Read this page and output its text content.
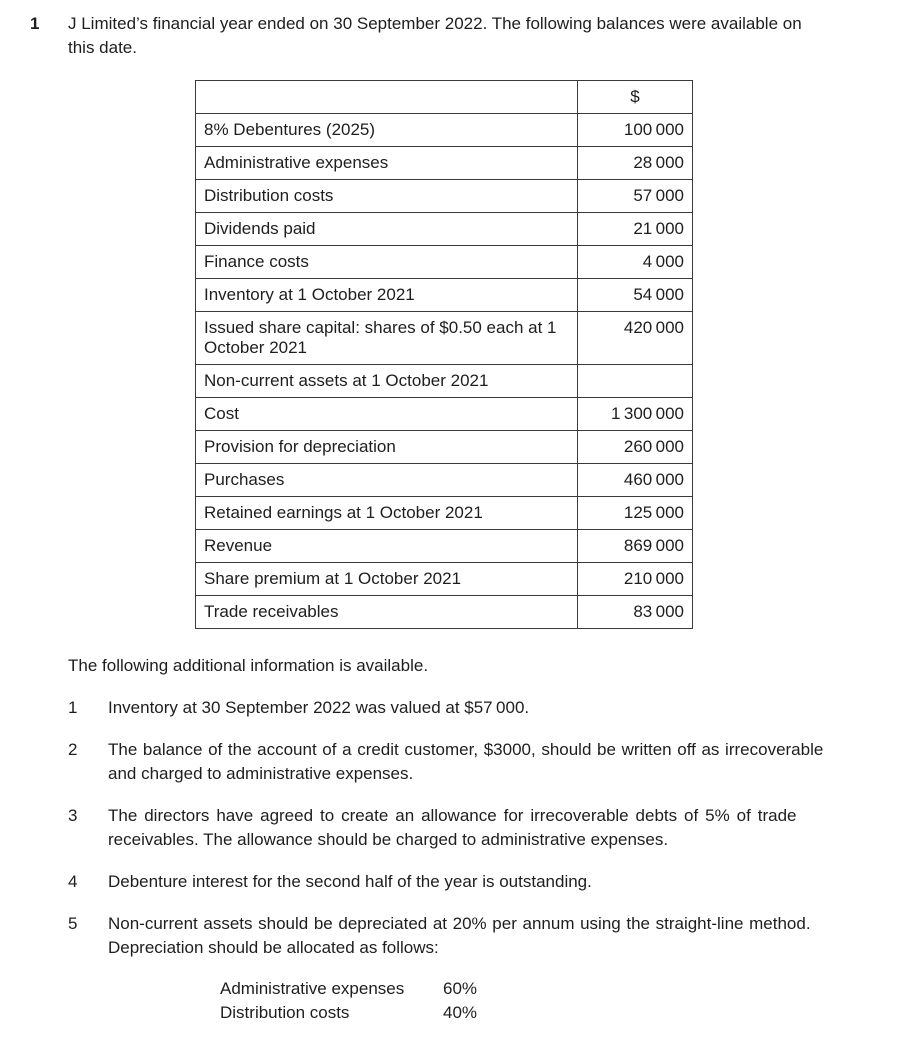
1	J Limited’s financial year ended on 30 September 2022. The following balances were available on
this date.
	$
8% Debentures (2025)	100 000
Administrative expenses	28 000
Distribution costs	57 000
Dividends paid	21 000
Finance costs	4 000
Inventory at 1 October 2021	54 000
Issued share capital: shares of $0.50 each at 1 October 2021	420 000
Non-current assets at 1 October 2021	
Cost	1 300 000
Provision for depreciation	260 000
Purchases	460 000
Retained earnings at 1 October 2021	125 000
Revenue	869 000
Share premium at 1 October 2021	210 000
Trade receivables	83 000
The following additional information is available.
1	Inventory at 30 September 2022 was valued at $57 000.
2	The balance of the account of a credit customer, $3000, should be written off as irrecoverable
and charged to administrative expenses.
3	The directors have agreed to create an allowance for irrecoverable debts of 5% of trade
receivables. The allowance should be charged to administrative expenses.
4	Debenture interest for the second half of the year is outstanding.
5	Non-current assets should be depreciated at 20% per annum using the straight-line method.
Depreciation should be allocated as follows:
Administrative expenses	60%
Distribution costs	40%
